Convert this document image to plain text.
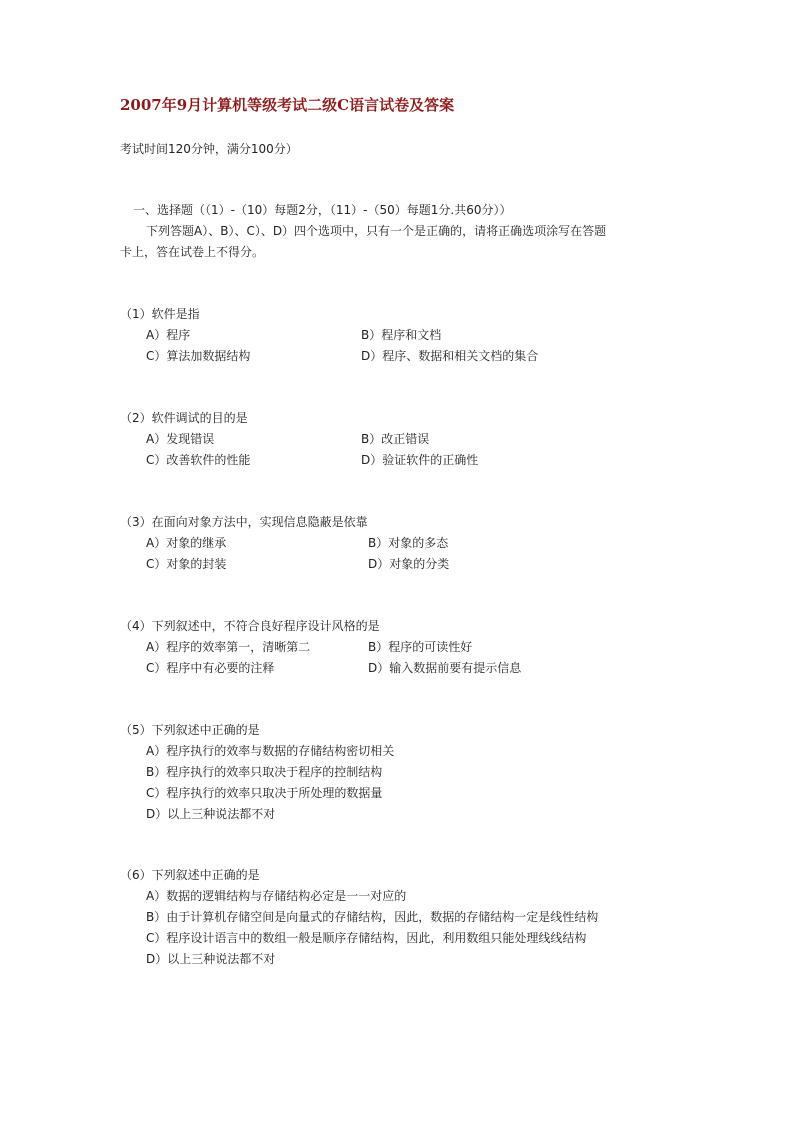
2007年9月计算机等级考试二级C语言试卷及答案
考试时间120分钟，满分100分）
一、选择题（（1）-（10）每题2分，（11）-（50）每题1分.共60分））
下列答题A）、B）、C）、D）四个选项中，只有一个是正确的，请将正确选项涂写在答题
卡上，答在试卷上不得分。
（1）软件是指
A）程序	B）程序和文档
C）算法加数据结构	D）程序、数据和相关文档的集合
（2）软件调试的目的是
A）发现错误	B）改正错误
C）改善软件的性能	D）验证软件的正确性
（3）在面向对象方法中，实现信息隐蔽是依靠
A）对象的继承	B）对象的多态
C）对象的封装	D）对象的分类
（4）下列叙述中，不符合良好程序设计风格的是
A）程序的效率第一，清晰第二	B）程序的可读性好
C）程序中有必要的注释	D）输入数据前要有提示信息
（5）下列叙述中正确的是
A）程序执行的效率与数据的存储结构密切相关
B）程序执行的效率只取决于程序的控制结构
C）程序执行的效率只取决于所处理的数据量
D）以上三种说法都不对
（6）下列叙述中正确的是
A）数据的逻辑结构与存储结构必定是一一对应的
B）由于计算机存储空间是向量式的存储结构，因此，数据的存储结构一定是线性结构
C）程序设计语言中的数组一般是顺序存储结构，因此，利用数组只能处理线线结构
D）以上三种说法都不对
